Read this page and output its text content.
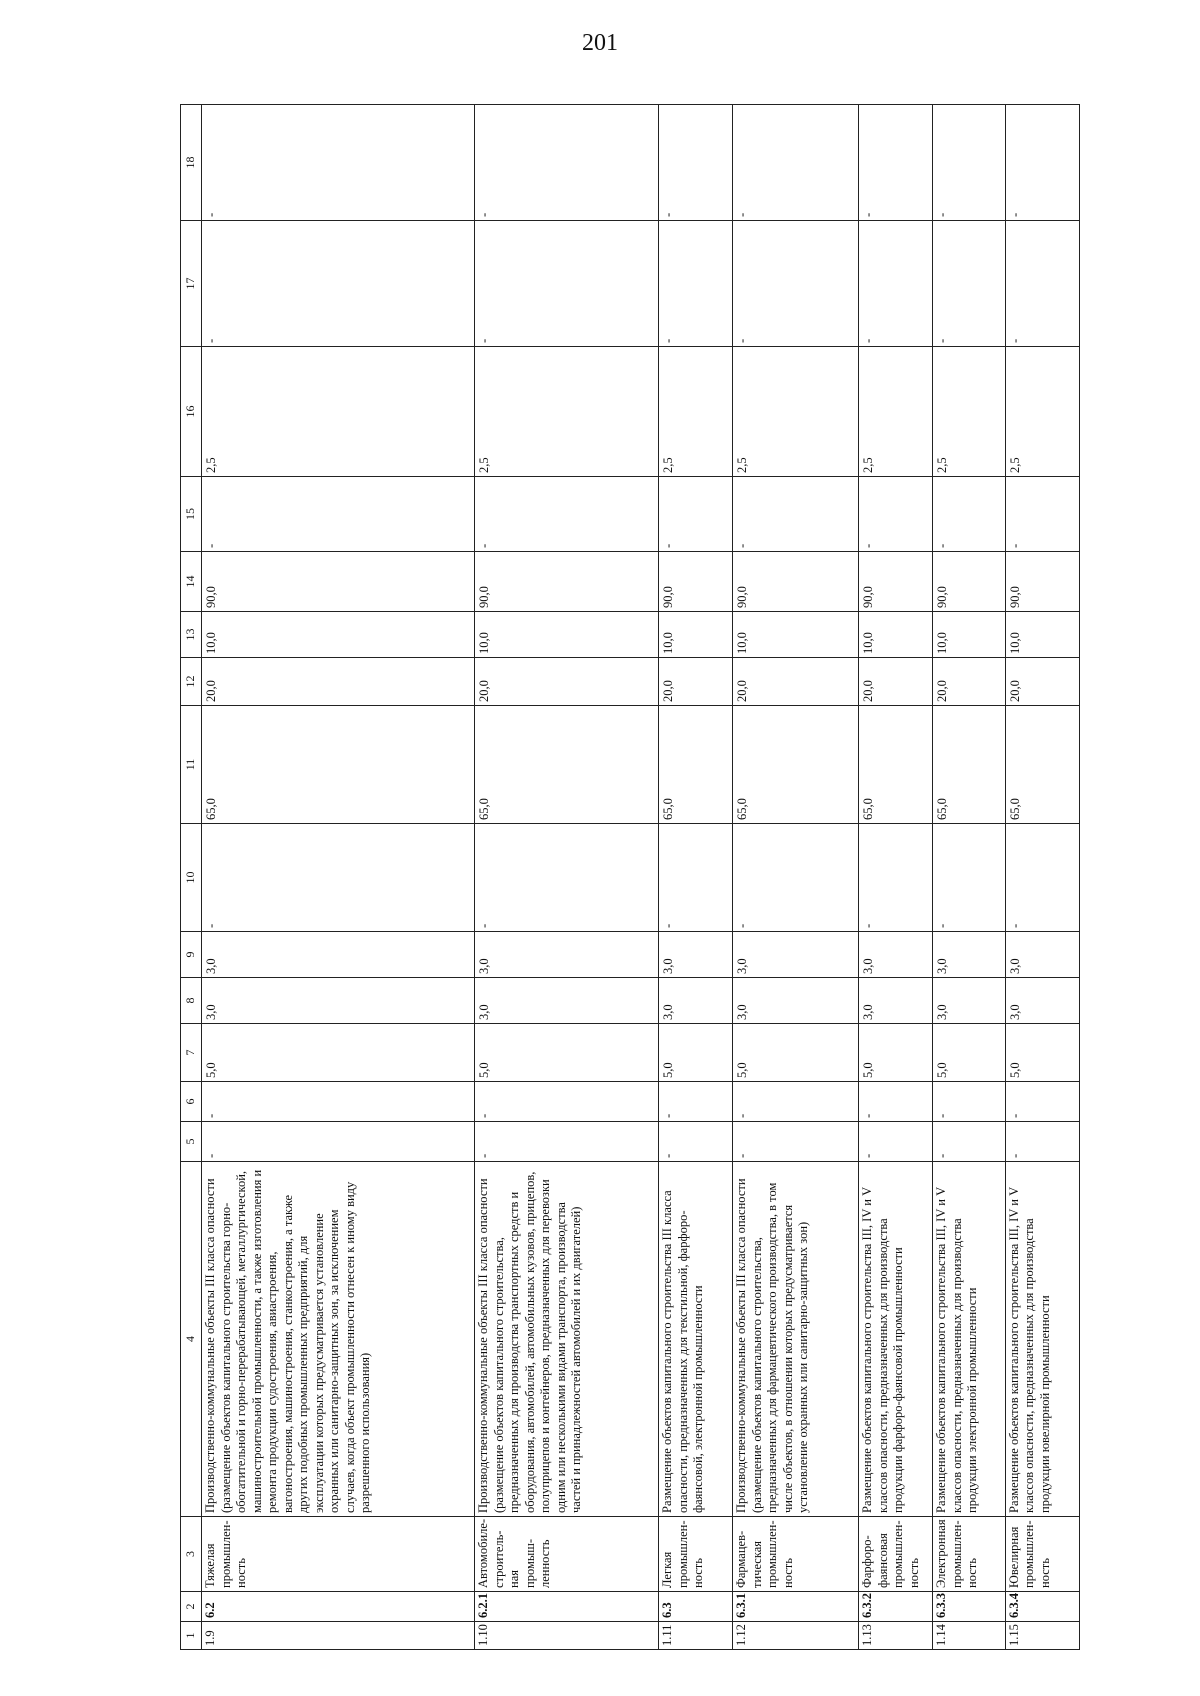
201
1	2	3	4	5	6	7	8	9	10	11	12	13	14	15	16	17	18
1.9	6.2	Тяжелая промышлен-ность	Производственно-коммунальные объекты III класса опасности (размещение объектов капитального строительства горно-обогатительной и горно-перерабатывающей, металлургической, машиностроительной промышленности, а также изготовления и ремонта продукции судостроения, авиастроения, вагоностроения, машиностроения, станкостроения, а также других подобных промышленных предприятий, для эксплуатации которых предусматривается установление охранных или санитарно-защитных зон, за исключением случаев, когда объект промышленности отнесен к иному виду разрешенного использования)	-	-	5,0	3,0	3,0	-	65,0	20,0	10,0	90,0	-	2,5	-	-
1.10	6.2.1	Автомобиле-строитель-ная промыш-ленность	Производственно-коммунальные объекты III класса опасности (размещение объектов капитального строительства, предназначенных для производства транспортных средств и оборудования, автомобилей, автомобильных кузовов, прицепов, полуприцепов и контейнеров, предназначенных для перевозки одним или несколькими видами транспорта, производства частей и принадлежностей автомобилей и их двигателей)	-	-	5,0	3,0	3,0	-	65,0	20,0	10,0	90,0	-	2,5	-	-
1.11	6.3	Легкая промышлен-ность	Размещение объектов капитального строительства III класса опасности, предназначенных для текстильной, фарфоро-фаянсовой, электронной промышленности	-	-	5,0	3,0	3,0	-	65,0	20,0	10,0	90,0	-	2,5	-	-
1.12	6.3.1	Фармацев-тическая промышлен-ность	Производственно-коммунальные объекты III класса опасности (размещение объектов капитального строительства, предназначенных для фармацевтического производства, в том числе объектов, в отношении которых предусматривается установление охранных или санитарно-защитных зон)	-	-	5,0	3,0	3,0	-	65,0	20,0	10,0	90,0	-	2,5	-	-
1.13	6.3.2	Фарфоро-фаянсовая промышлен-ность	Размещение объектов капитального строительства III, IV и V классов опасности, предназначенных для производства продукции фарфоро-фаянсовой промышленности	-	-	5,0	3,0	3,0	-	65,0	20,0	10,0	90,0	-	2,5	-	-
1.14	6.3.3	Электронная промышлен-ность	Размещение объектов капитального строительства III, IV и V классов опасности, предназначенных для производства продукции электронной промышленности	-	-	5,0	3,0	3,0	-	65,0	20,0	10,0	90,0	-	2,5	-	-
1.15	6.3.4	Ювелирная промышлен-ность	Размещение объектов капитального строительства III, IV и V классов опасности, предназначенных для производства продукции ювелирной промышленности	-	-	5,0	3,0	3,0	-	65,0	20,0	10,0	90,0	-	2,5	-	-
